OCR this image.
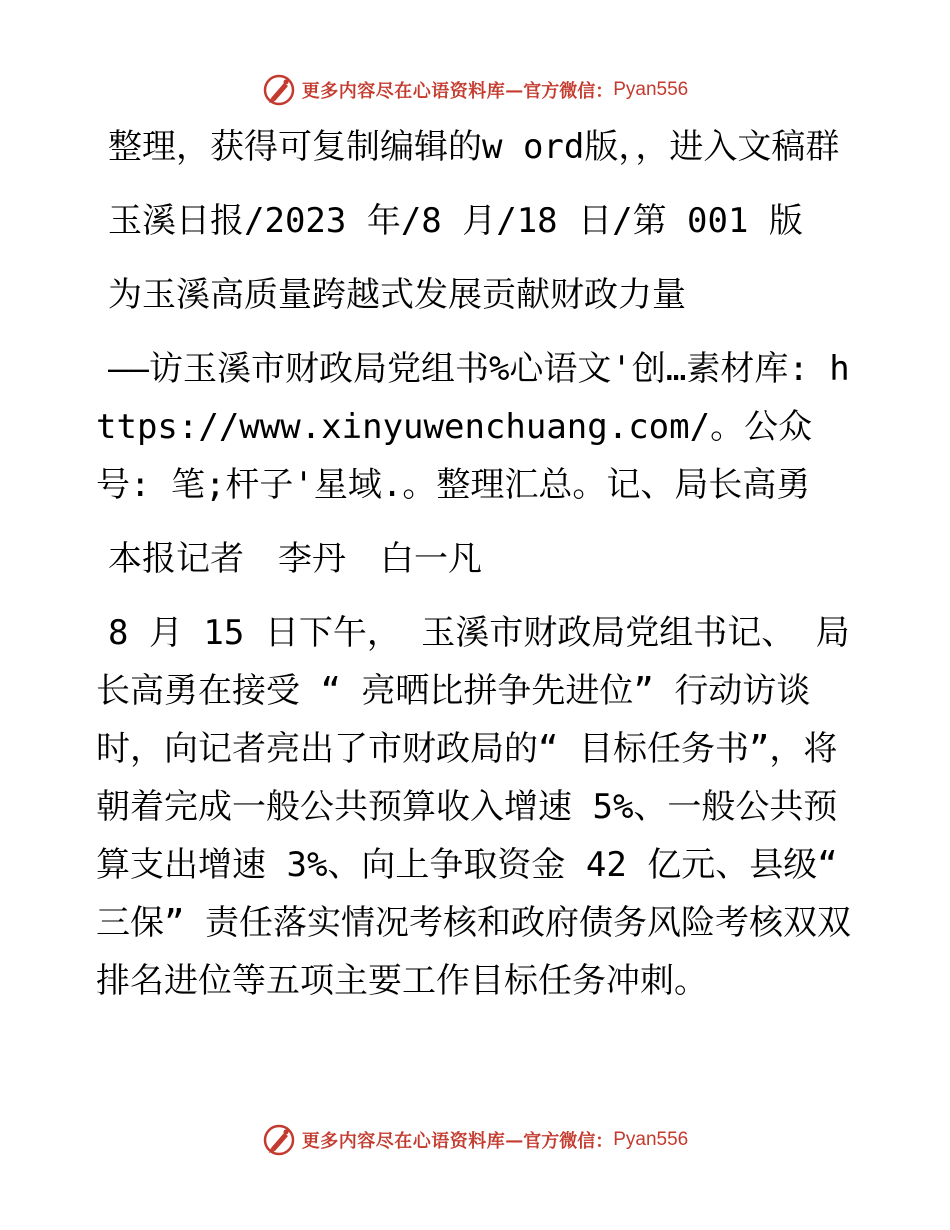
更多内容尽在心语资料库 — 官方微信： Pyan556

整理，获得可复制编辑的w ord版，，进入文稿群

玉溪日报/2023 年/8 月/18 日/第 001 版

为玉溪高质量跨越式发展贡献财政力量

——访玉溪市财政局党组书%心语文'创…素材库: https://www.xinyuwenchuang.com/。公众号: 笔;杆子'星域.。整理汇总。记、局长高勇

本报记者　李丹　白一凡

8 月 15 日下午， 玉溪市财政局党组书记、 局长高勇在接受 “ 亮晒比拼争先进位” 行动访谈时，向记者亮出了市财政局的“ 目标任务书”，将朝着完成一般公共预算收入增速 5%、一般公共预算支出增速 3%、向上争取资金 42 亿元、县级“ 三保” 责任落实情况考核和政府债务风险考核双双排名进位等五项主要工作目标任务冲刺。

更多内容尽在心语资料库 — 官方微信： Pyan556
